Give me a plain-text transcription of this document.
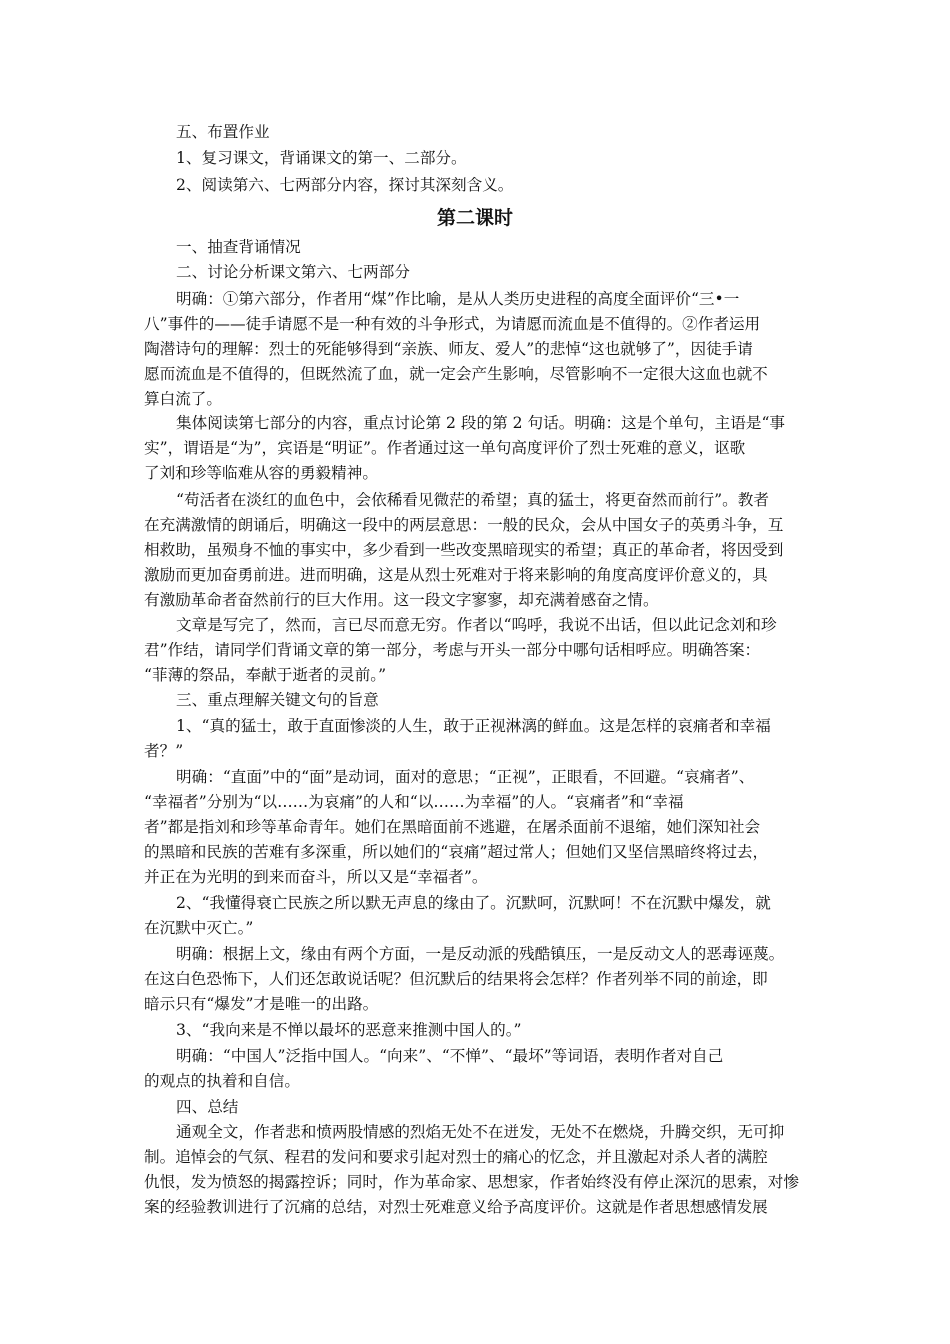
五、布置作业

1、复习课文，背诵课文的第一、二部分。

2、阅读第六、七两部分内容，探讨其深刻含义。

第二课时

一、抽查背诵情况

二、讨论分析课文第六、七两部分

明确：①第六部分，作者用“煤”作比喻，是从人类历史进程的高度全面评价“三•一

八”事件的——徒手请愿不是一种有效的斗争形式，为请愿而流血是不值得的。②作者运用

陶潜诗句的理解：烈士的死能够得到“亲族、师友、爱人”的悲悼“这也就够了”，因徒手请

愿而流血是不值得的，但既然流了血，就一定会产生影响，尽管影响不一定很大这血也就不

算白流了。

集体阅读第七部分的内容，重点讨论第 2 段的第 2 句话。明确：这是个单句，主语是“事

实”，谓语是“为”，宾语是“明证”。作者通过这一单句高度评价了烈士死难的意义，讴歌

了刘和珍等临难从容的勇毅精神。

“苟活者在淡红的血色中，会依稀看见微茫的希望；真的猛士，将更奋然而前行”。教者

在充满激情的朗诵后，明确这一段中的两层意思：一般的民众，会从中国女子的英勇斗争，互

相救助，虽殒身不恤的事实中，多少看到一些改变黑暗现实的希望；真正的革命者，将因受到

激励而更加奋勇前进。进而明确，这是从烈士死难对于将来影响的角度高度评价意义的，具

有激励革命者奋然前行的巨大作用。这一段文字寥寥，却充满着感奋之情。

文章是写完了，然而，言已尽而意无穷。作者以“呜呼，我说不出话，但以此记念刘和珍

君”作结，请同学们背诵文章的第一部分，考虑与开头一部分中哪句话相呼应。明确答案：

“菲薄的祭品，奉献于逝者的灵前。”

三、重点理解关键文句的旨意

1、“真的猛士，敢于直面惨淡的人生，敢于正视淋漓的鲜血。这是怎样的哀痛者和幸福

者？”

明确：“直面”中的“面”是动词，面对的意思；“正视”，正眼看，不回避。“哀痛者”、

“幸福者”分别为“以……为哀痛”的人和“以……为幸福”的人。“哀痛者”和“幸福

者”都是指刘和珍等革命青年。她们在黑暗面前不逃避，在屠杀面前不退缩，她们深知社会

的黑暗和民族的苦难有多深重，所以她们的“哀痛”超过常人；但她们又坚信黑暗终将过去，

并正在为光明的到来而奋斗，所以又是“幸福者”。

2、“我懂得衰亡民族之所以默无声息的缘由了。沉默呵，沉默呵！不在沉默中爆发，就

在沉默中灭亡。”

明确：根据上文，缘由有两个方面，一是反动派的残酷镇压，一是反动文人的恶毒诬蔑。

在这白色恐怖下，人们还怎敢说话呢？但沉默后的结果将会怎样？作者列举不同的前途，即

暗示只有“爆发”才是唯一的出路。

3、“我向来是不惮以最坏的恶意来推测中国人的。”

明确：“中国人”泛指中国人。“向来”、“不惮”、“最坏”等词语，表明作者对自己

的观点的执着和自信。

四、总结

通观全文，作者悲和愤两股情感的烈焰无处不在迸发，无处不在燃烧，升腾交织，无可抑

制。追悼会的气氛、程君的发问和要求引起对烈士的痛心的忆念，并且激起对杀人者的满腔

仇恨，发为愤怒的揭露控诉；同时，作为革命家、思想家，作者始终没有停止深沉的思索，对惨

案的经验教训进行了沉痛的总结，对烈士死难意义给予高度评价。这就是作者思想感情发展
